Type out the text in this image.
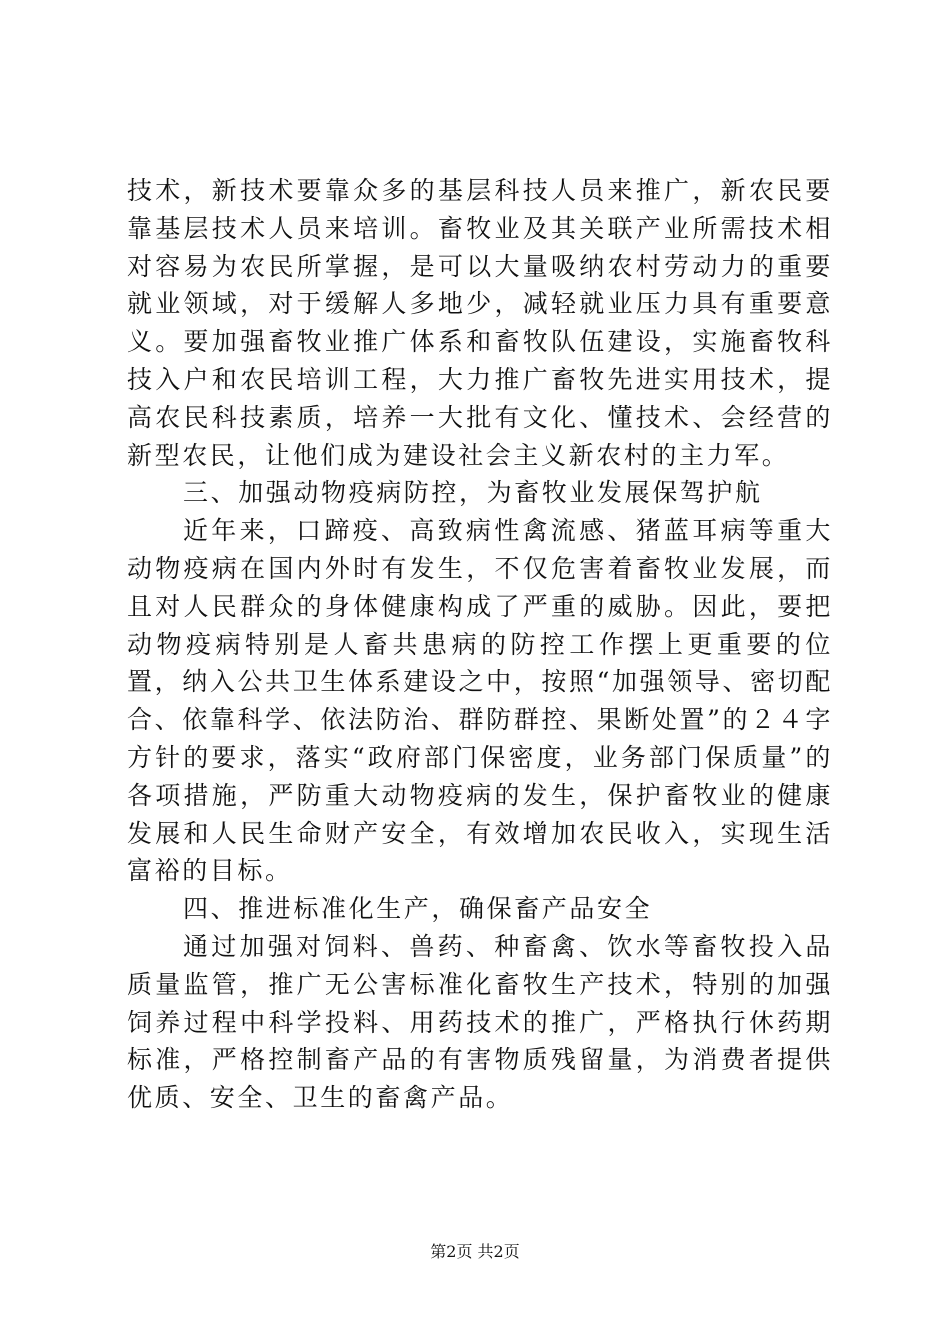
技术，新技术要靠众多的基层科技人员来推广，新农民要靠基层技术人员来培训。畜牧业及其关联产业所需技术相对容易为农民所掌握，是可以大量吸纳农村劳动力的重要就业领域，对于缓解人多地少，减轻就业压力具有重要意义。要加强畜牧业推广体系和畜牧队伍建设，实施畜牧科技入户和农民培训工程，大力推广畜牧先进实用技术，提高农民科技素质，培养一大批有文化、懂技术、会经营的新型农民，让他们成为建设社会主义新农村的主力军。

三、加强动物疫病防控，为畜牧业发展保驾护航

近年来，口蹄疫、高致病性禽流感、猪蓝耳病等重大动物疫病在国内外时有发生，不仅危害着畜牧业发展，而且对人民群众的身体健康构成了严重的威胁。因此，要把动物疫病特别是人畜共患病的防控工作摆上更重要的位置，纳入公共卫生体系建设之中，按照“加强领导、密切配合、依靠科学、依法防治、群防群控、果断处置”的２４字方针的要求，落实“政府部门保密度，业务部门保质量”的各项措施，严防重大动物疫病的发生，保护畜牧业的健康发展和人民生命财产安全，有效增加农民收入，实现生活富裕的目标。

四、推进标准化生产，确保畜产品安全

通过加强对饲料、兽药、种畜禽、饮水等畜牧投入品质量监管，推广无公害标准化畜牧生产技术，特别的加强饲养过程中科学投料、用药技术的推广，严格执行休药期标准，严格控制畜产品的有害物质残留量，为消费者提供优质、安全、卫生的畜禽产品。

第2页 共2页
